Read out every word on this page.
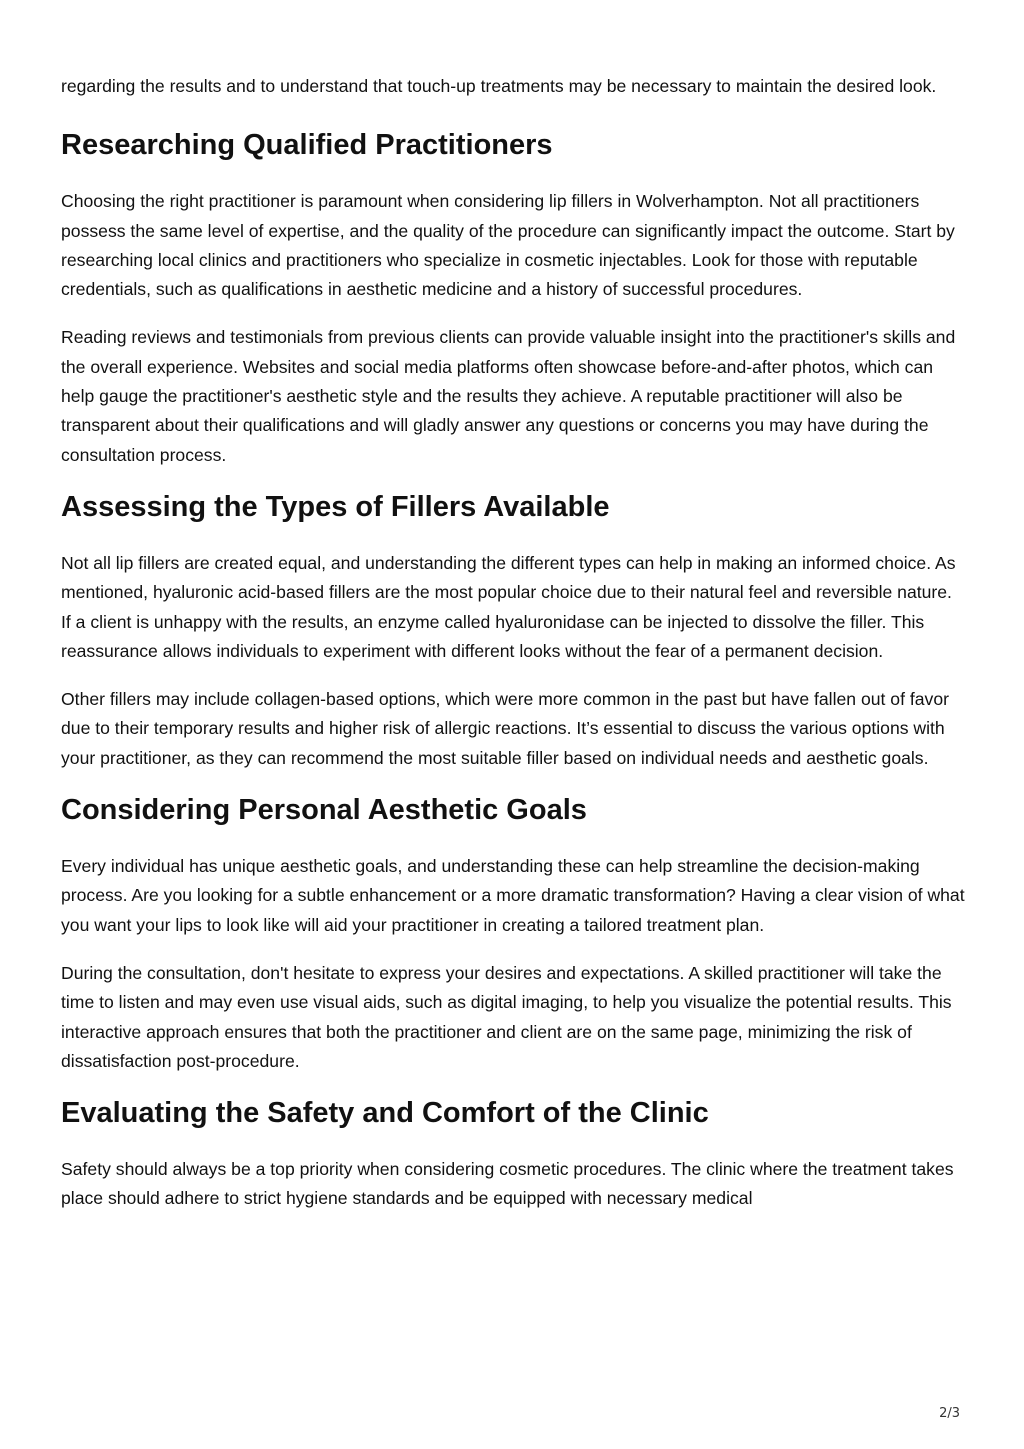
regarding the results and to understand that touch-up treatments may be necessary to maintain the desired look.

Researching Qualified Practitioners

Choosing the right practitioner is paramount when considering lip fillers in Wolverhampton. Not all practitioners possess the same level of expertise, and the quality of the procedure can significantly impact the outcome. Start by researching local clinics and practitioners who specialize in cosmetic injectables. Look for those with reputable credentials, such as qualifications in aesthetic medicine and a history of successful procedures.

Reading reviews and testimonials from previous clients can provide valuable insight into the practitioner's skills and the overall experience. Websites and social media platforms often showcase before-and-after photos, which can help gauge the practitioner's aesthetic style and the results they achieve. A reputable practitioner will also be transparent about their qualifications and will gladly answer any questions or concerns you may have during the consultation process.

Assessing the Types of Fillers Available

Not all lip fillers are created equal, and understanding the different types can help in making an informed choice. As mentioned, hyaluronic acid-based fillers are the most popular choice due to their natural feel and reversible nature. If a client is unhappy with the results, an enzyme called hyaluronidase can be injected to dissolve the filler. This reassurance allows individuals to experiment with different looks without the fear of a permanent decision.

Other fillers may include collagen-based options, which were more common in the past but have fallen out of favor due to their temporary results and higher risk of allergic reactions. It’s essential to discuss the various options with your practitioner, as they can recommend the most suitable filler based on individual needs and aesthetic goals.

Considering Personal Aesthetic Goals

Every individual has unique aesthetic goals, and understanding these can help streamline the decision-making process. Are you looking for a subtle enhancement or a more dramatic transformation? Having a clear vision of what you want your lips to look like will aid your practitioner in creating a tailored treatment plan.

During the consultation, don't hesitate to express your desires and expectations. A skilled practitioner will take the time to listen and may even use visual aids, such as digital imaging, to help you visualize the potential results. This interactive approach ensures that both the practitioner and client are on the same page, minimizing the risk of dissatisfaction post-procedure.

Evaluating the Safety and Comfort of the Clinic

Safety should always be a top priority when considering cosmetic procedures. The clinic where the treatment takes place should adhere to strict hygiene standards and be equipped with necessary medical

2/3
